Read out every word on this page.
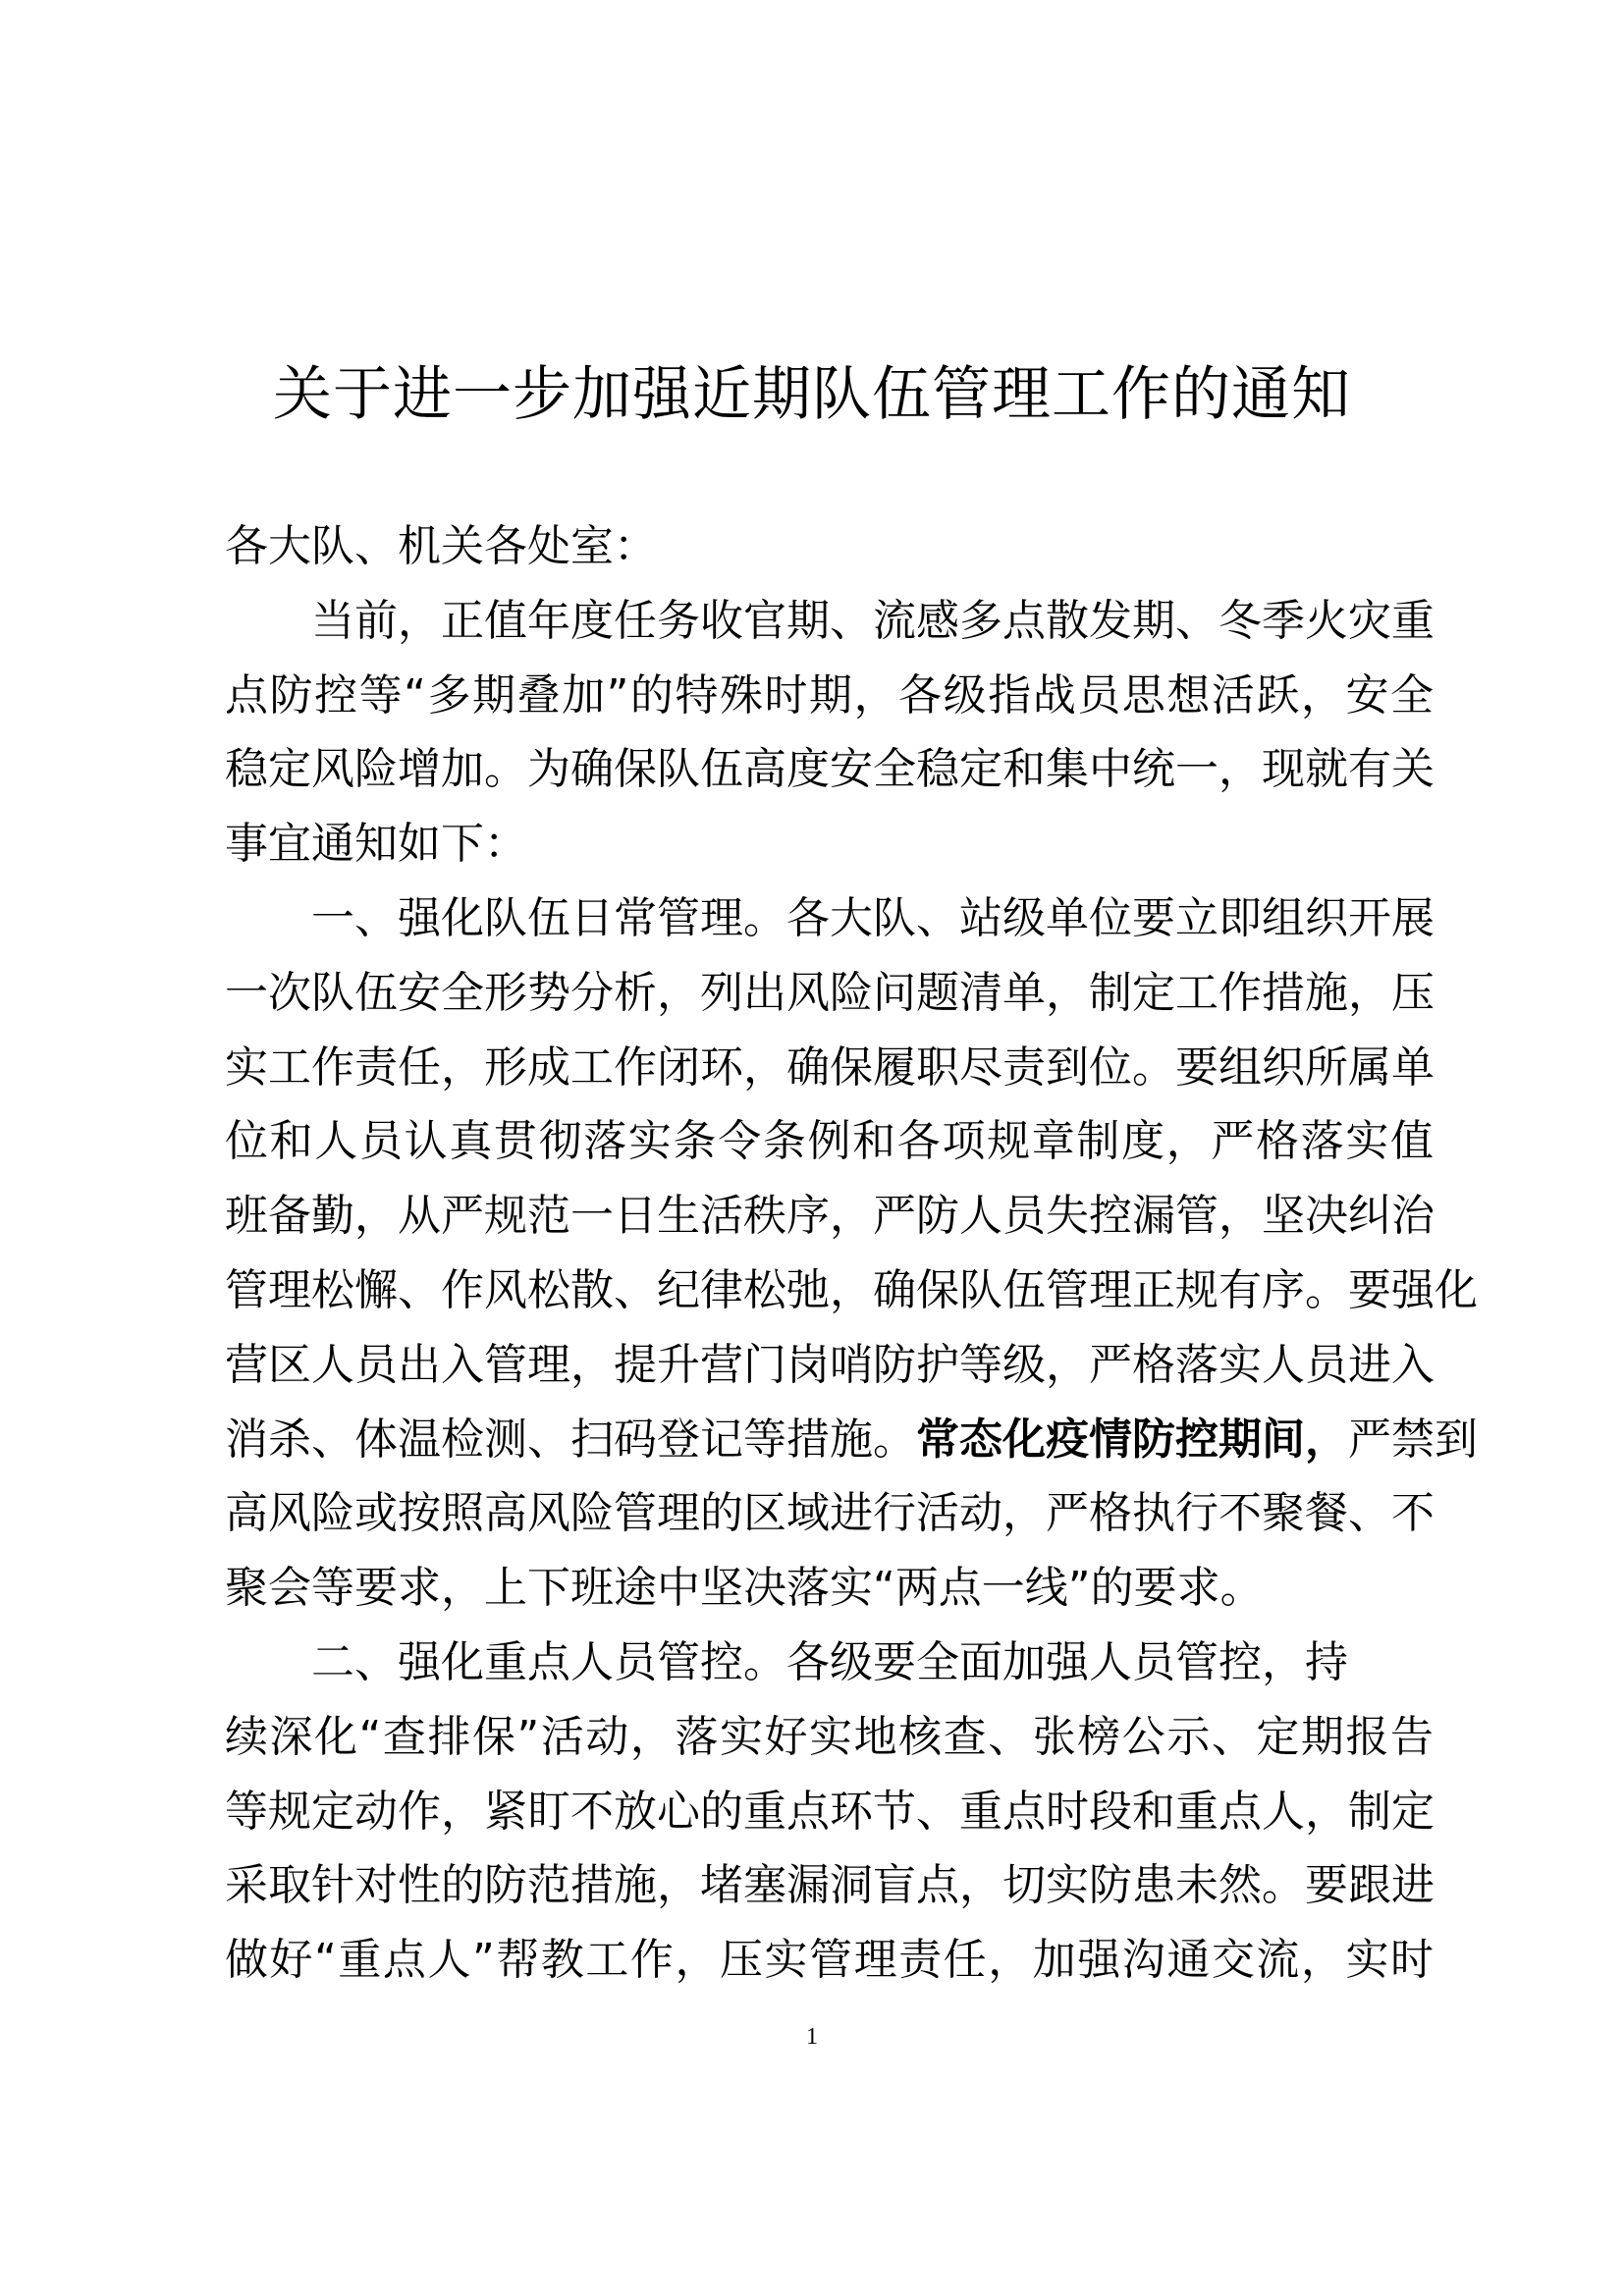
关于进一步加强近期队伍管理工作的通知
各大队、机关各处室：
当前，正值年度任务收官期、流感多点散发期、冬季火灾重
点防控等“多期叠加”的特殊时期，各级指战员思想活跃，安全
稳定风险增加。为确保队伍高度安全稳定和集中统一，现就有关
事宜通知如下：
一、强化队伍日常管理。各大队、站级单位要立即组织开展
一次队伍安全形势分析，列出风险问题清单，制定工作措施，压
实工作责任，形成工作闭环，确保履职尽责到位。要组织所属单
位和人员认真贯彻落实条令条例和各项规章制度，严格落实值
班备勤，从严规范一日生活秩序，严防人员失控漏管，坚决纠治
管理松懈、作风松散、纪律松弛，确保队伍管理正规有序。要强化
营区人员出入管理，提升营门岗哨防护等级，严格落实人员进入
消杀、体温检测、扫码登记等措施。常态化疫情防控期间，严禁到
高风险或按照高风险管理的区域进行活动，严格执行不聚餐、不
聚会等要求，上下班途中坚决落实“两点一线”的要求。
二、强化重点人员管控。各级要全面加强人员管控，持
续深化“查排保”活动，落实好实地核查、张榜公示、定期报告
等规定动作，紧盯不放心的重点环节、重点时段和重点人，制定
采取针对性的防范措施，堵塞漏洞盲点，切实防患未然。要跟进
做好“重点人”帮教工作，压实管理责任，加强沟通交流，实时
1
